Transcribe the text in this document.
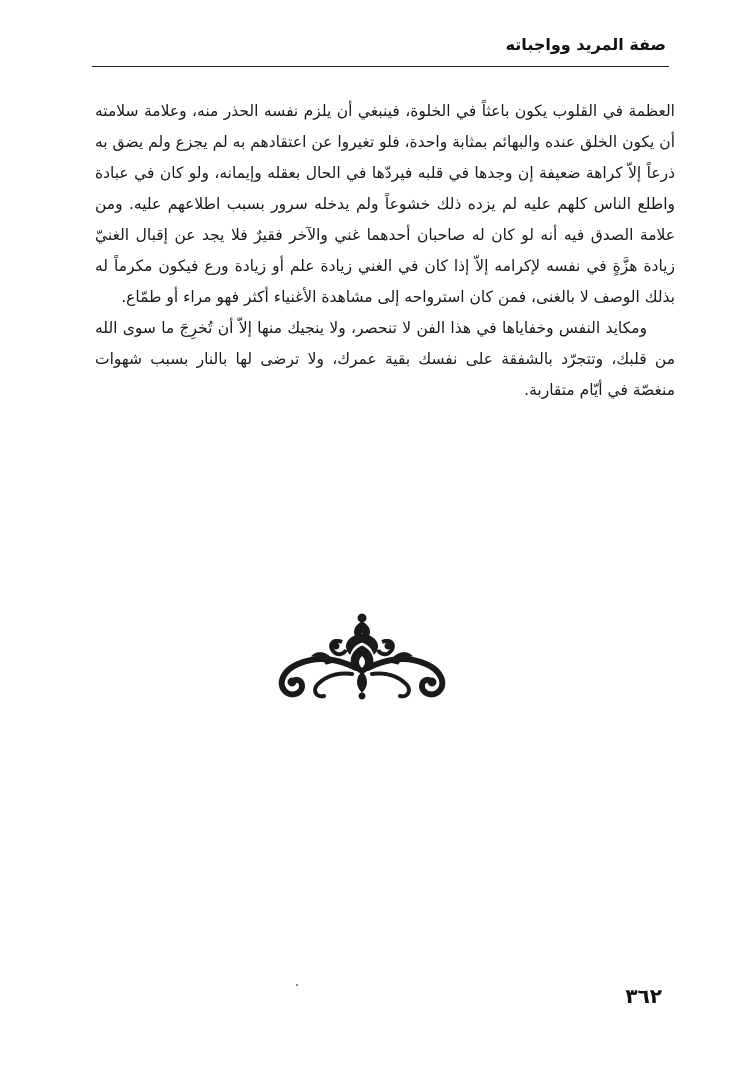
صفة المريد وواجباته

العظمة في القلوب يكون باعثاً في الخلوة، فينبغي أن يلزم نفسه الحذر منه، وعلامة سلامته أن يكون الخلق عنده والبهائم بمثابة واحدة، فلو تغيروا عن اعتقادهم به لم يجزع ولم يضق به ذرعاً إلاّ كراهة ضعيفة إن وجدها في قلبه فيردّها في الحال بعقله وإيمانه، ولو كان في عبادة واطلع الناس كلهم عليه لم يزده ذلك خشوعاً ولم يدخله سرور بسبب اطلاعهم عليه. ومن علامة الصدق فيه أنه لو كان له صاحبان أحدهما غني والآخر فقيرٌ فلا يجد عن إقبال الغنيّ زيادة هزَّةٍ في نفسه لإكرامه إلاّ إذا كان في الغني زيادة علم أو زيادة ورع فيكون مكرماً له بذلك الوصف لا بالغنى، فمن كان استرواحه إلى مشاهدة الأغنياء أكثر فهو مراء أو طمّاع.

ومكايد النفس وخفاياها في هذا الفن لا تنحصر، ولا ينجيك منها إلاّ أن تُخرِجَ ما سوى الله من قلبك، وتتجرّد بالشفقة على نفسك بقية عمرك، ولا ترضى لها بالنار بسبب شهوات منغصّة في أيّام متقاربة.

٣٦٢
